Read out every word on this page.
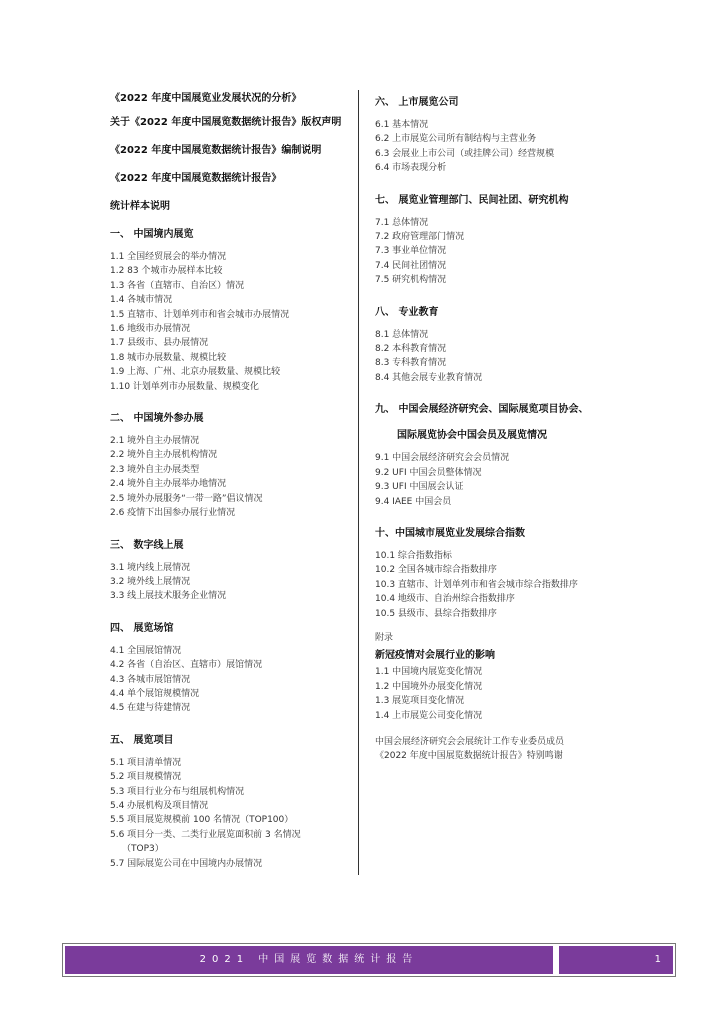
《2022 年度中国展览业发展状况的分析》
关于《2022 年度中国展览数据统计报告》版权声明
《2022 年度中国展览数据统计报告》编制说明
《2022 年度中国展览数据统计报告》
统计样本说明
一、 中国境内展览
1.1 全国经贸展会的举办情况
1.2 83 个城市办展样本比较
1.3 各省（直辖市、自治区）情况
1.4 各城市情况
1.5 直辖市、计划单列市和省会城市办展情况
1.6 地级市办展情况
1.7 县级市、县办展情况
1.8 城市办展数量、规模比较
1.9 上海、广州、北京办展数量、规模比较
1.10 计划单列市办展数量、规模变化
二、 中国境外参办展
2.1 境外自主办展情况
2.2 境外自主办展机构情况
2.3 境外自主办展类型
2.4 境外自主办展举办地情况
2.5 境外办展服务“一带一路”倡议情况
2.6 疫情下出国参办展行业情况
三、 数字线上展
3.1 境内线上展情况
3.2 境外线上展情况
3.3 线上展技术服务企业情况
四、 展览场馆
4.1 全国展馆情况
4.2 各省（自治区、直辖市）展馆情况
4.3 各城市展馆情况
4.4 单个展馆规模情况
4.5 在建与待建情况
五、 展览项目
5.1 项目清单情况
5.2 项目规模情况
5.3 项目行业分布与组展机构情况
5.4 办展机构及项目情况
5.5 项目展览规模前 100 名情况（TOP100）
5.6 项目分一类、二类行业展览面积前 3 名情况
（TOP3）
5.7 国际展览公司在中国境内办展情况
六、 上市展览公司
6.1 基本情况
6.2 上市展览公司所有制结构与主营业务
6.3 会展业上市公司（或挂牌公司）经营规模
6.4 市场表现分析
七、 展览业管理部门、民间社团、研究机构
7.1 总体情况
7.2 政府管理部门情况
7.3 事业单位情况
7.4 民间社团情况
7.5 研究机构情况
八、 专业教育
8.1 总体情况
8.2 本科教育情况
8.3 专科教育情况
8.4 其他会展专业教育情况
九、 中国会展经济研究会、国际展览项目协会、
国际展览协会中国会员及展览情况
9.1 中国会展经济研究会会员情况
9.2 UFI 中国会员整体情况
9.3 UFI 中国展会认证
9.4 IAEE 中国会员
十、中国城市展览业发展综合指数
10.1 综合指数指标
10.2 全国各城市综合指数排序
10.3 直辖市、计划单列市和省会城市综合指数排序
10.4 地级市、自治州综合指数排序
10.5 县级市、县综合指数排序
附录
新冠疫情对会展行业的影响
1.1 中国境内展览变化情况
1.2 中国境外办展变化情况
1.3 展览项目变化情况
1.4 上市展览公司变化情况
中国会展经济研究会会展统计工作专业委员成员
《2022 年度中国展览数据统计报告》特别鸣谢
2021 中国展览数据统计报告	1
